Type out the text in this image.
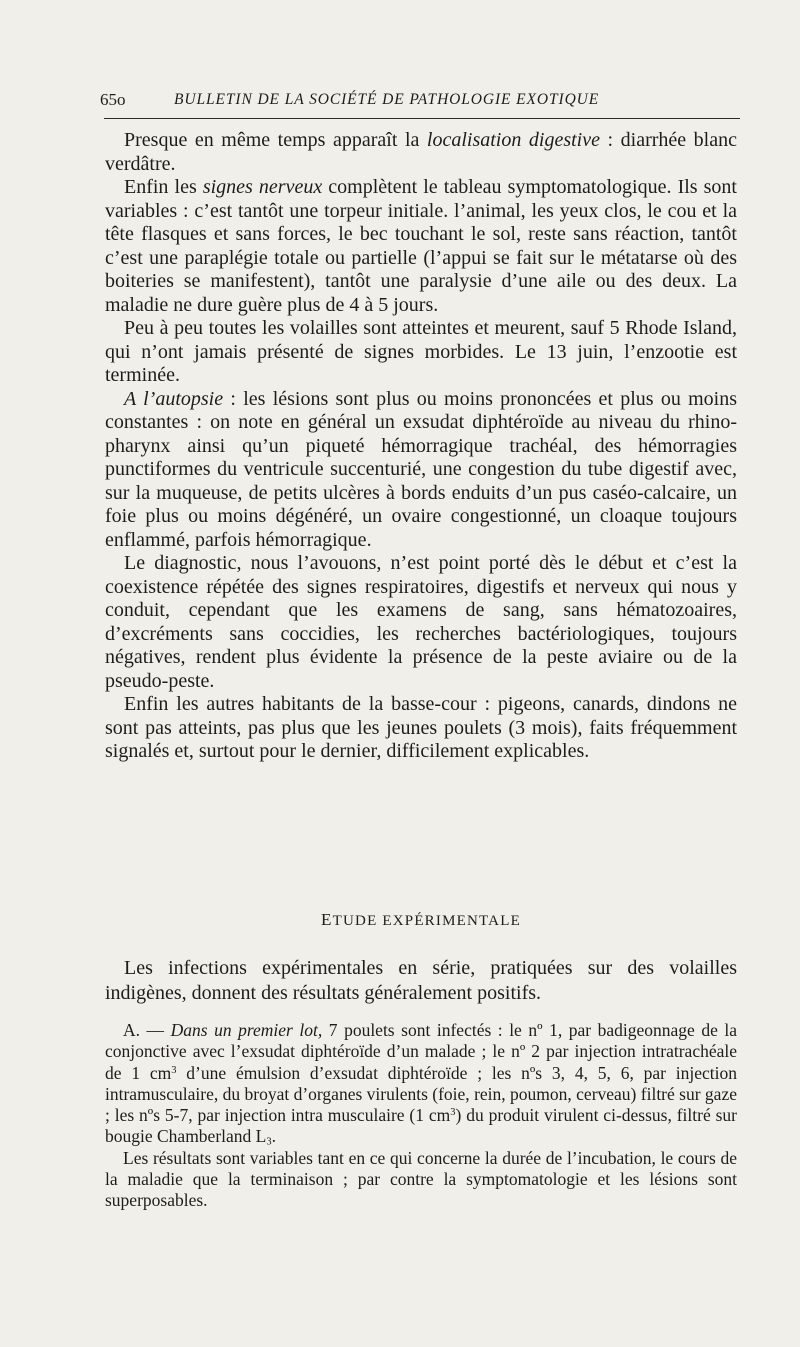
65o	BULLETIN DE LA SOCIÉTÉ DE PATHOLOGIE EXOTIQUE

Presque en même temps apparaît la localisation digestive : diarrhée blanc verdâtre.

Enfin les signes nerveux complètent le tableau symptomatologique. Ils sont variables : c’est tantôt une torpeur initiale. l’animal, les yeux clos, le cou et la tête flasques et sans forces, le bec touchant le sol, reste sans réaction, tantôt c’est une paraplégie totale ou partielle (l’appui se fait sur le métatarse où des boiteries se manifestent), tantôt une paralysie d’une aile ou des deux. La maladie ne dure guère plus de 4 à 5 jours.

Peu à peu toutes les volailles sont atteintes et meurent, sauf 5 Rhode Island, qui n’ont jamais présenté de signes morbides. Le 13 juin, l’enzootie est terminée.

A l’autopsie : les lésions sont plus ou moins prononcées et plus ou moins constantes : on note en général un exsudat diphtéroïde au niveau du rhino-pharynx ainsi qu’un piqueté hémorragique trachéal, des hémorragies punctiformes du ventricule succenturié, une congestion du tube digestif avec, sur la muqueuse, de petits ulcères à bords enduits d’un pus caséo-calcaire, un foie plus ou moins dégénéré, un ovaire congestionné, un cloaque toujours enflammé, parfois hémorragique.

Le diagnostic, nous l’avouons, n’est point porté dès le début et c’est la coexistence répétée des signes respiratoires, digestifs et nerveux qui nous y conduit, cependant que les examens de sang, sans hématozoaires, d’excréments sans coccidies, les recherches bactériologiques, toujours négatives, rendent plus évidente la présence de la peste aviaire ou de la pseudo-peste.

Enfin les autres habitants de la basse-cour : pigeons, canards, dindons ne sont pas atteints, pas plus que les jeunes poulets (3 mois), faits fréquemment signalés et, surtout pour le dernier, difficilement explicables.

ETUDE EXPÉRIMENTALE

Les infections expérimentales en série, pratiquées sur des volailles indigènes, donnent des résultats généralement positifs.

A. — Dans un premier lot, 7 poulets sont infectés : le nº 1, par badigeonnage de la conjonctive avec l’exsudat diphtéroïde d’un malade ; le nº 2 par injection intratrachéale de 1 $cm^3$ d’une émulsion d’exsudat diphtéroïde ; les nºs 3, 4, 5, 6, par injection intramusculaire, du broyat d’organes virulents (foie, rein, poumon, cerveau) filtré sur gaze ; les nºs 5-7, par injection intra musculaire (1 $cm^3$) du produit virulent ci-dessus, filtré sur bougie Chamberland $L_3$.

Les résultats sont variables tant en ce qui concerne la durée de l’incubation, le cours de la maladie que la terminaison ; par contre la symptomatologie et les lésions sont superposables.
